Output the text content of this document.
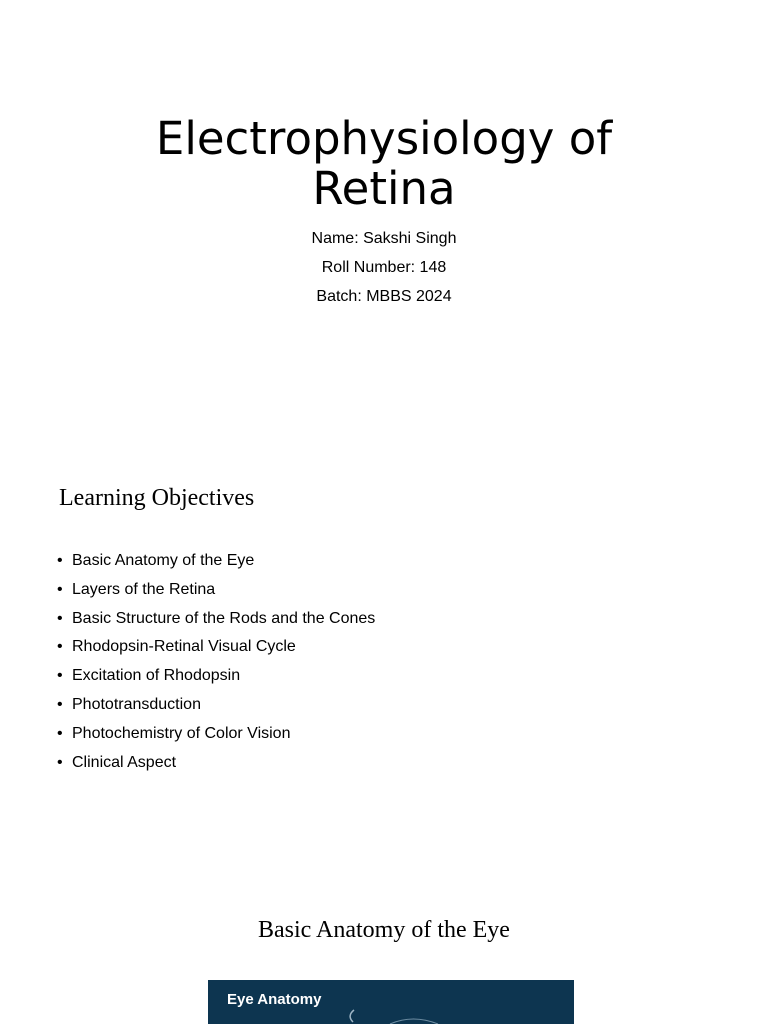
Electrophysiology of Retina
Name: Sakshi Singh
Roll Number: 148
Batch: MBBS 2024
Learning Objectives
• Basic Anatomy of the Eye
• Layers of the Retina
• Basic Structure of the Rods and the Cones
• Rhodopsin-Retinal Visual Cycle
• Excitation of Rhodopsin
• Phototransduction
• Photochemistry of Color Vision
• Clinical Aspect
Basic Anatomy of the Eye
Eye Anatomy
